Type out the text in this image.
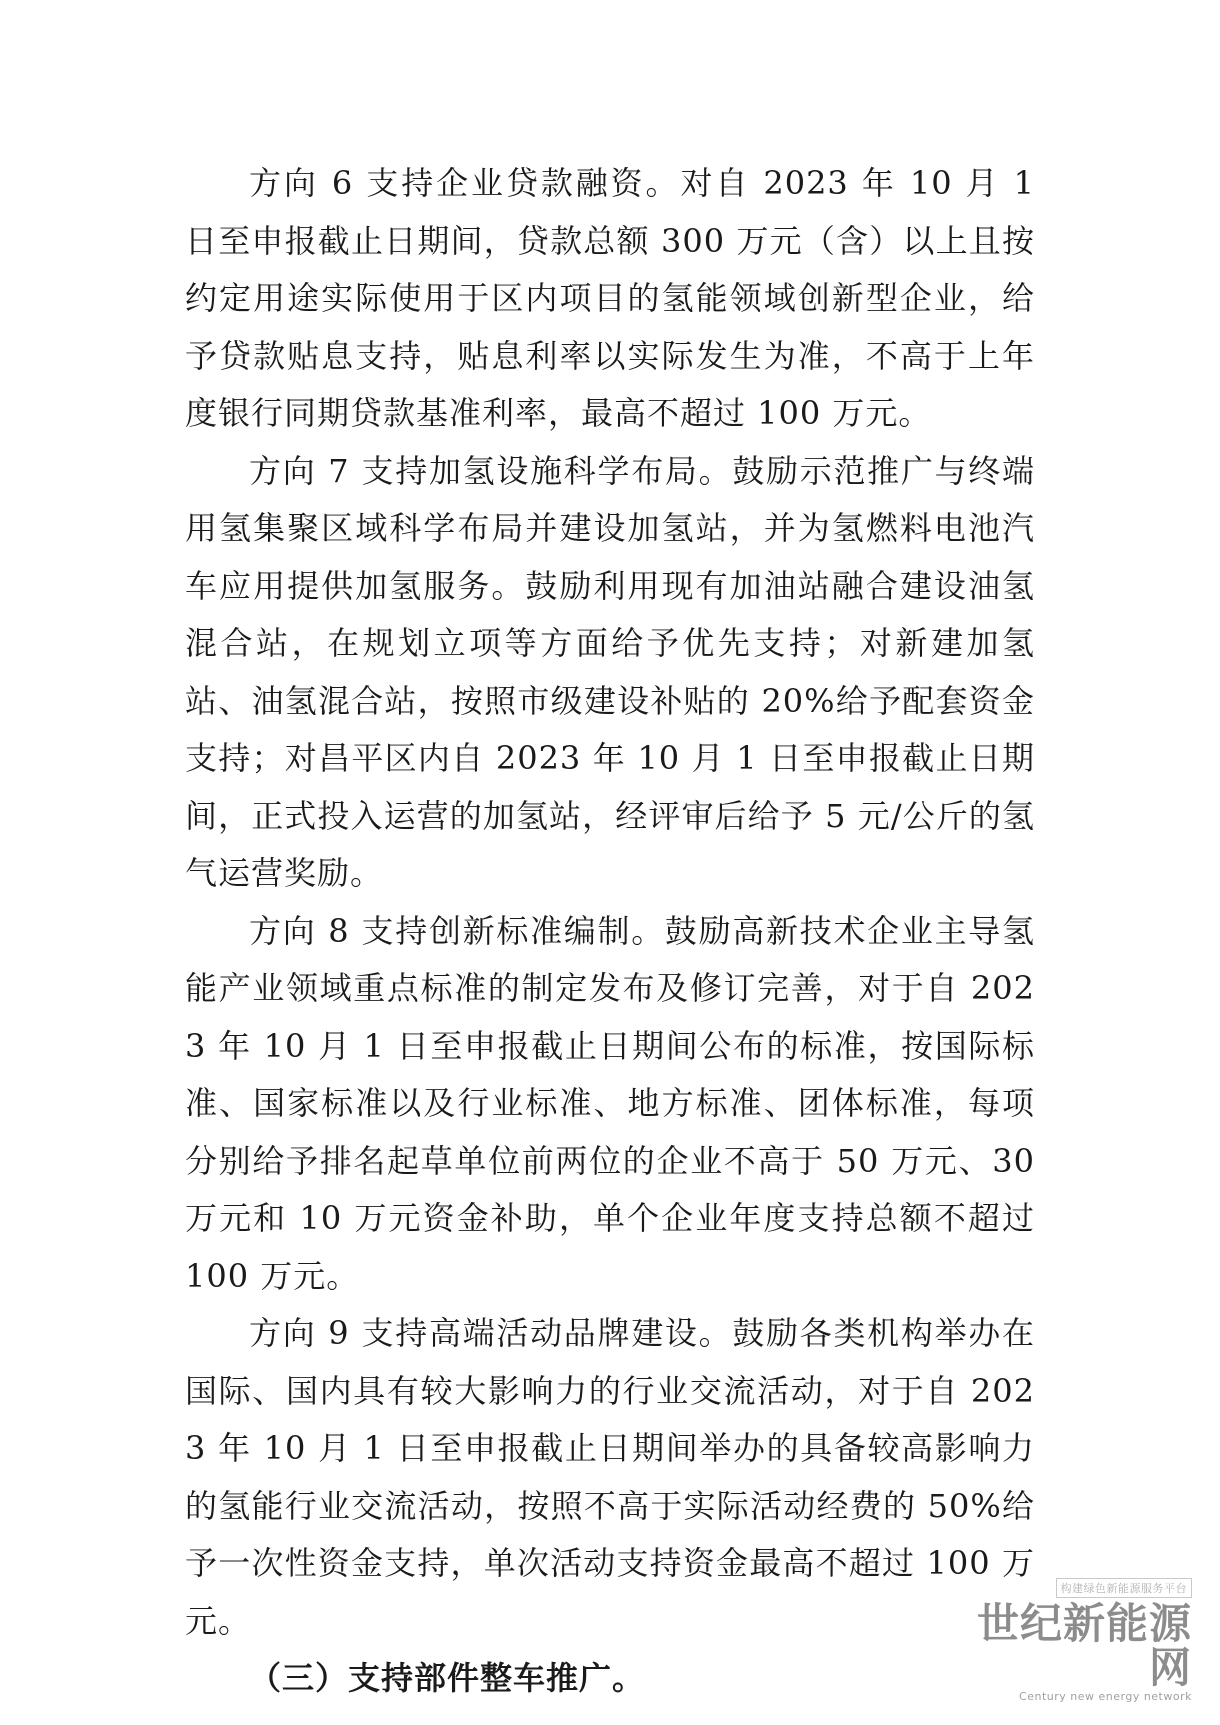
方向 6 支持企业贷款融资。对自 2023 年 10 月 1 日至申报截止日期间，贷款总额 300 万元（含）以上且按约定用途实际使用于区内项目的氢能领域创新型企业，给予贷款贴息支持，贴息利率以实际发生为准，不高于上年度银行同期贷款基准利率，最高不超过 100 万元。

方向 7 支持加氢设施科学布局。鼓励示范推广与终端用氢集聚区域科学布局并建设加氢站，并为氢燃料电池汽车应用提供加氢服务。鼓励利用现有加油站融合建设油氢混合站，在规划立项等方面给予优先支持；对新建加氢站、油氢混合站，按照市级建设补贴的 20%给予配套资金支持；对昌平区内自 2023 年 10 月 1 日至申报截止日期间，正式投入运营的加氢站，经评审后给予 5 元/公斤的氢气运营奖励。

方向 8 支持创新标准编制。鼓励高新技术企业主导氢能产业领域重点标准的制定发布及修订完善，对于自 2023 年 10 月 1 日至申报截止日期间公布的标准，按国际标准、国家标准以及行业标准、地方标准、团体标准，每项分别给予排名起草单位前两位的企业不高于 50 万元、30 万元和 10 万元资金补助，单个企业年度支持总额不超过 100 万元。

方向 9 支持高端活动品牌建设。鼓励各类机构举办在国际、国内具有较大影响力的行业交流活动，对于自 2023 年 10 月 1 日至申报截止日期间举办的具备较高影响力的氢能行业交流活动，按照不高于实际活动经费的 50%给予一次性资金支持，单次活动支持资金最高不超过 100 万元。

（三）支持部件整车推广。

构建绿色新能源服务平台
世纪新能源网
Century new energy network
